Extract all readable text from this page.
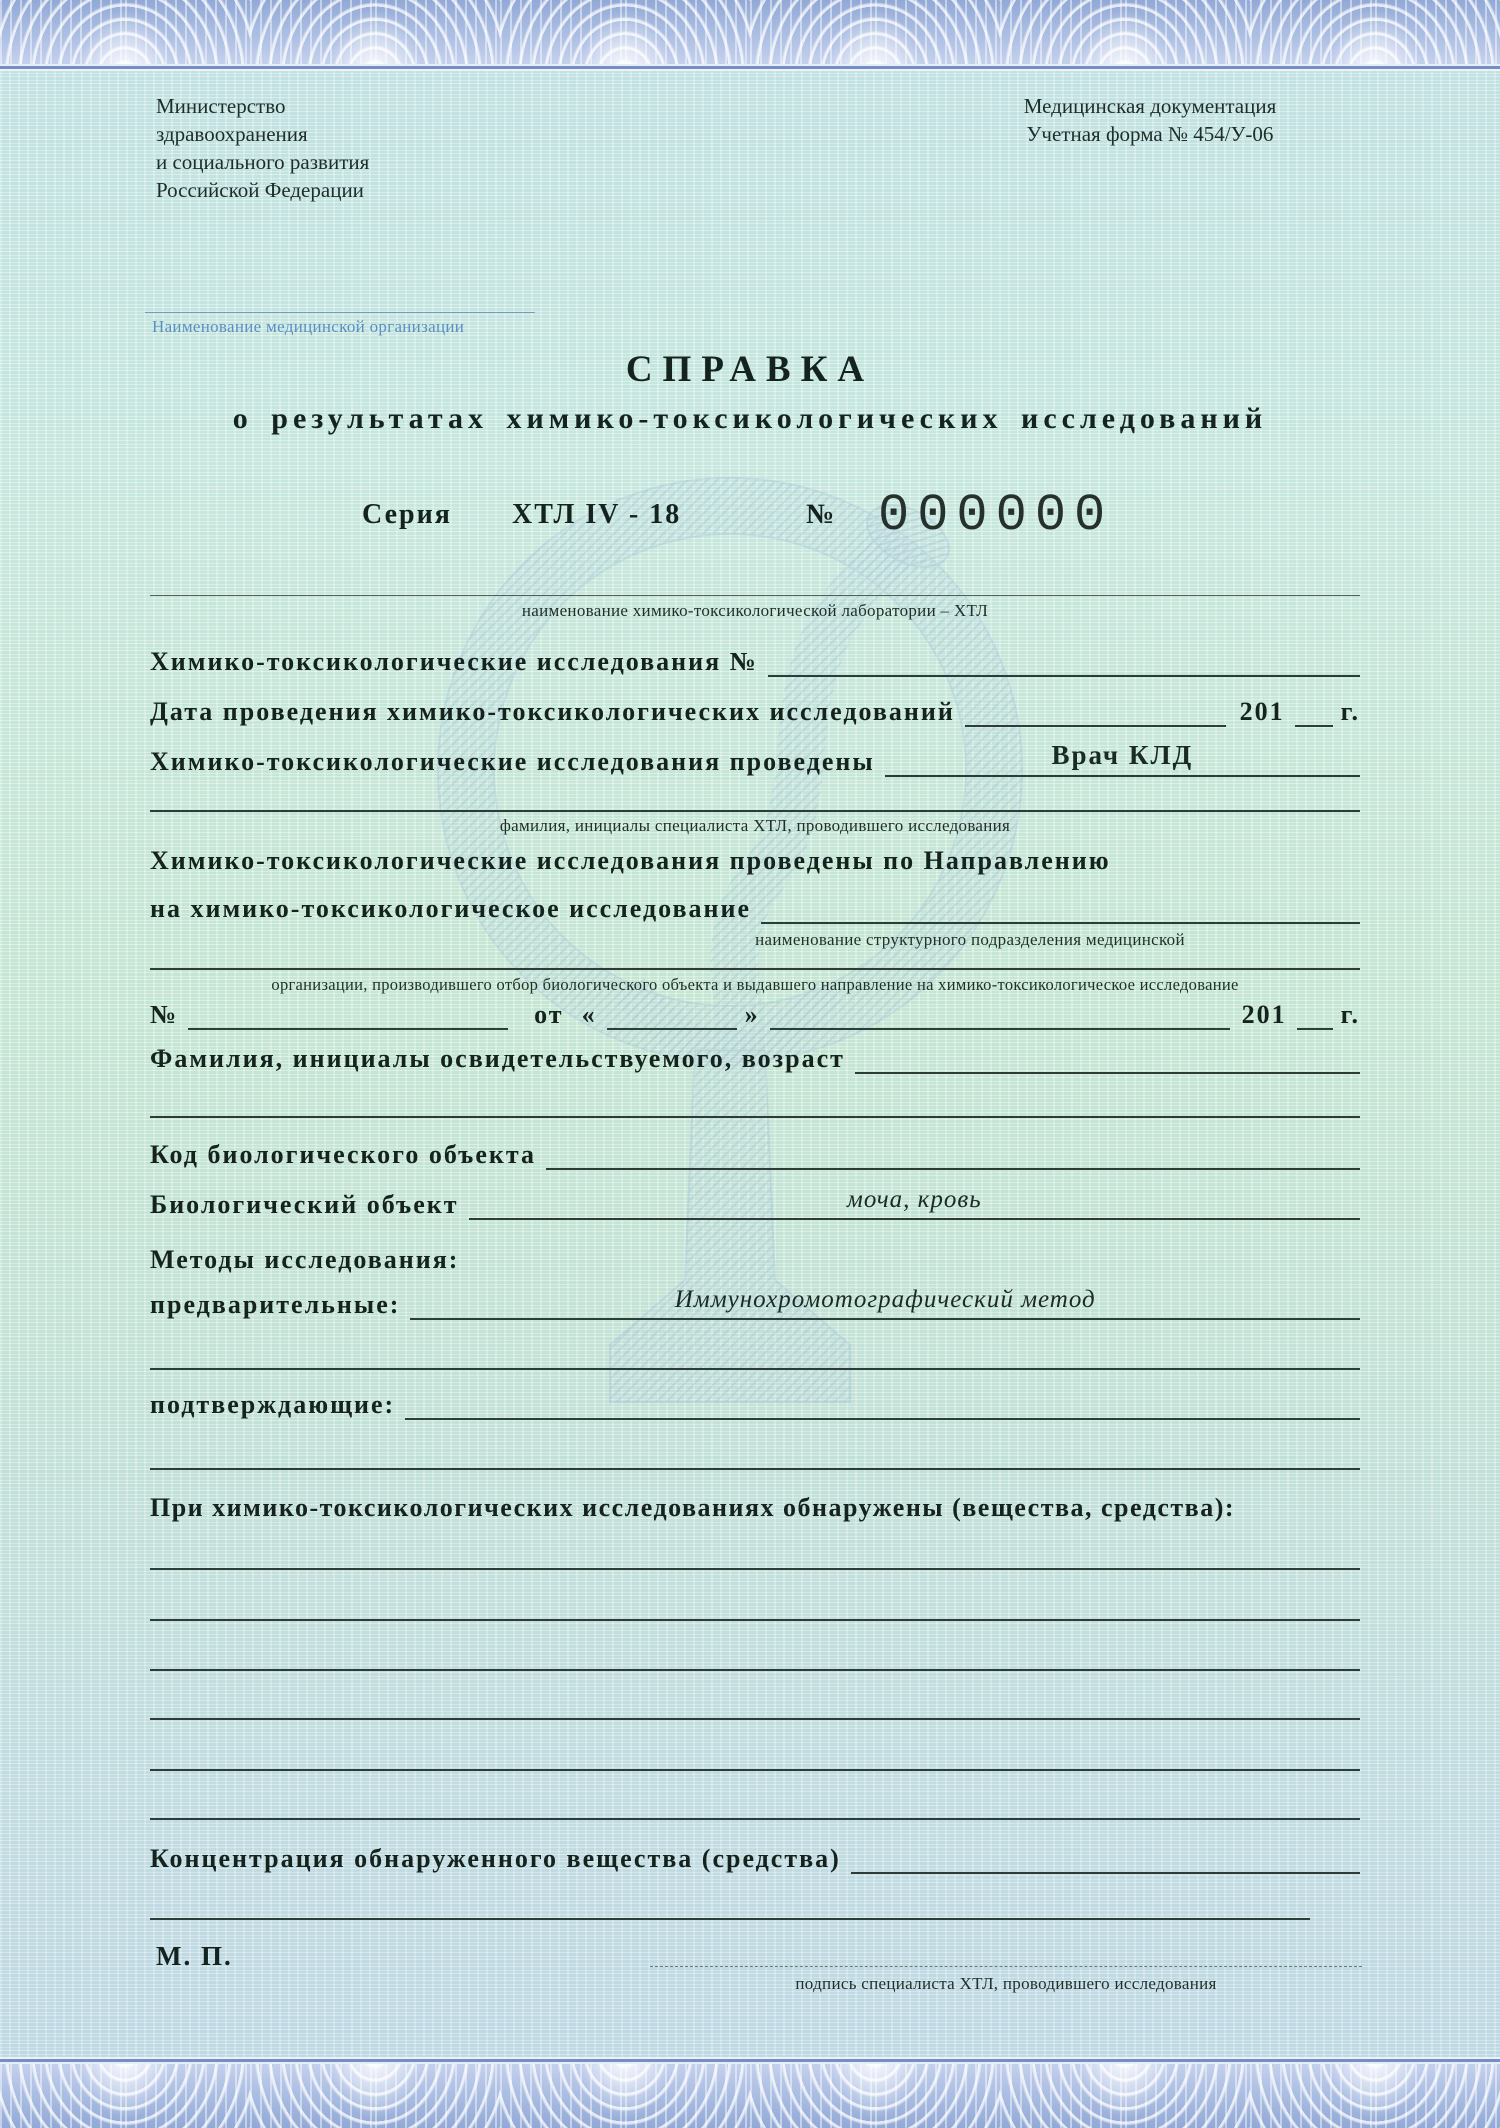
Министерство
здравоохранения
и социального развития
Российской Федерации
Медицинская документация
Учетная форма № 454/У-06
Наименование медицинской организации
СПРАВКА
о результатах химико-токсикологических исследований
Серия ХТЛ IV - 18	№ 000000
наименование химико-токсикологической лаборатории – ХТЛ
Химико-токсикологические исследования №
Дата проведения химико-токсикологических исследований	201 г.
Химико-токсикологические исследования проведены	Врач КЛД
фамилия, инициалы специалиста ХТЛ, проводившего исследования
Химико-токсикологические исследования проведены по Направлению
на химико-токсикологическое исследование
наименование структурного подразделения медицинской
организации, производившего отбор биологического объекта и выдавшего направление на химико-токсикологическое исследование
№	от «	»	201 г.
Фамилия, инициалы освидетельствуемого, возраст
Код биологического объекта
Биологический объект	моча, кровь
Методы исследования:
предварительные:	Иммунохромотографический метод
подтверждающие:
При химико-токсикологических исследованиях обнаружены (вещества, средства):
Концентрация обнаруженного вещества (средства)
М. П.
подпись специалиста ХТЛ, проводившего исследования
